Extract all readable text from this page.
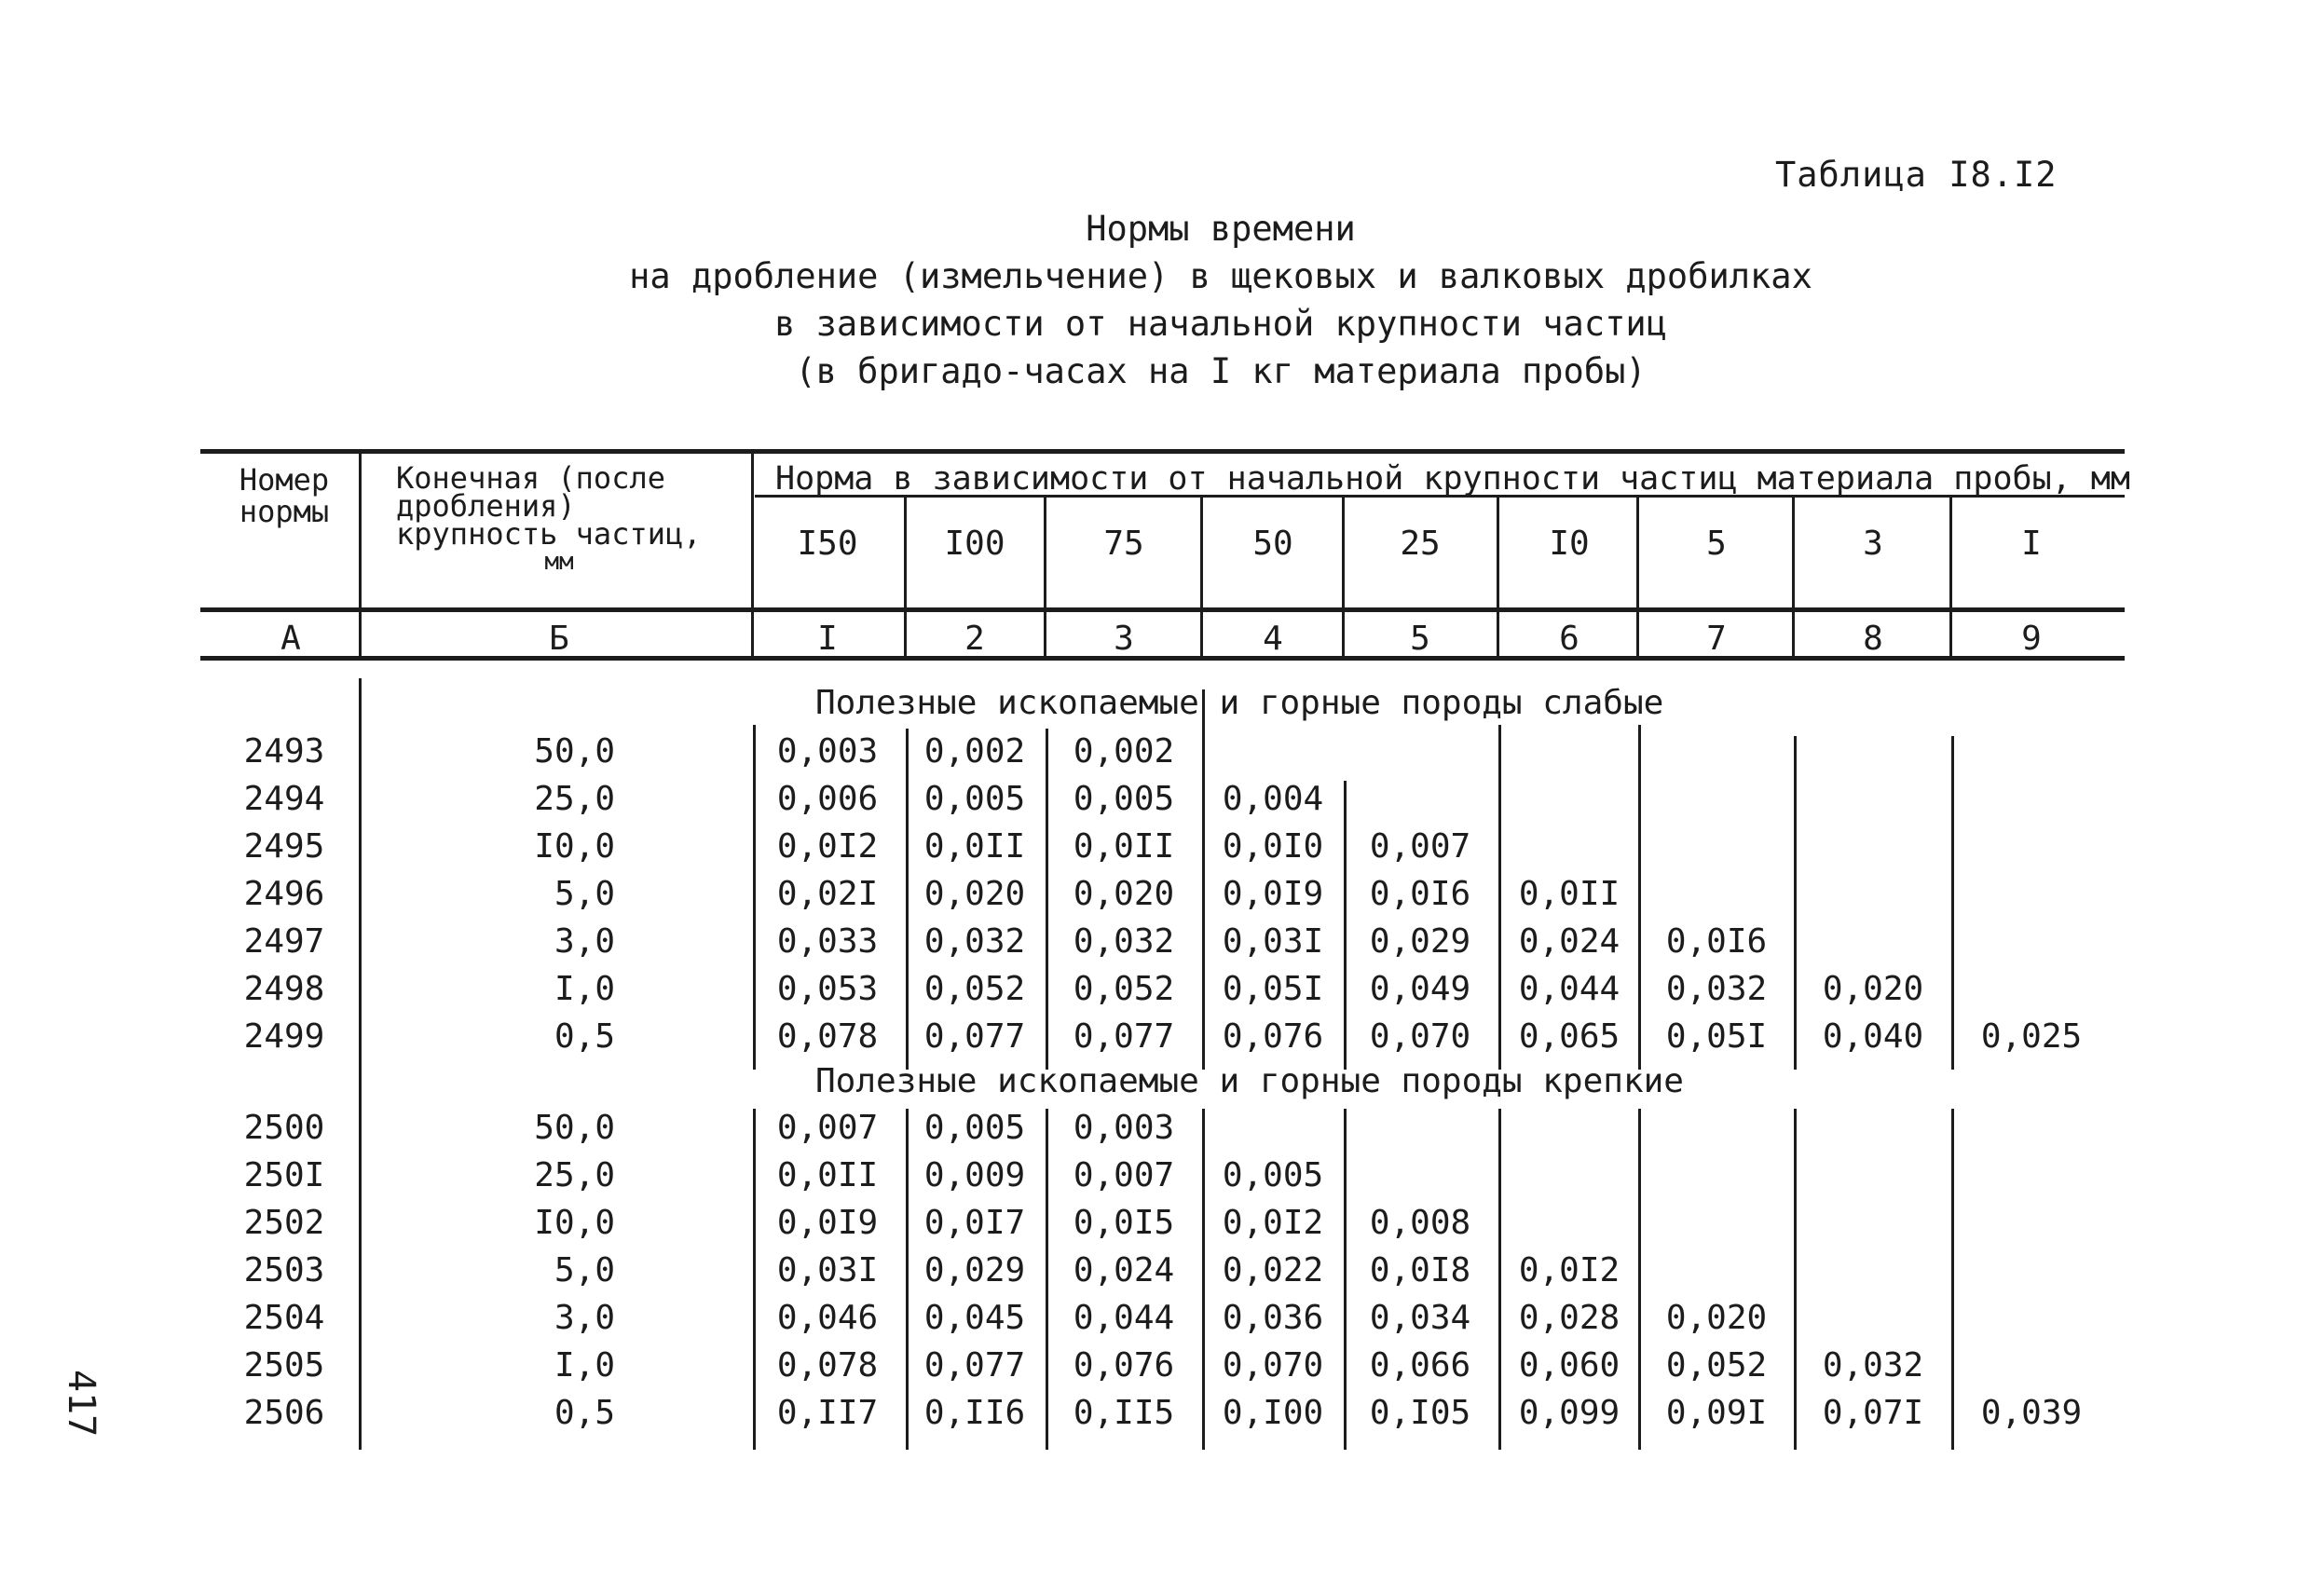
Таблица I8.I2
Нормы времени
на дробление (измельчение) в щековых и валковых дробилках
в зависимости от начальной крупности частиц
(в бригадо-часах на I кг материала пробы)
417
Номер
нормы
Конечная (после
дробления)
крупность частиц,
мм
Норма в зависимости от начальной крупности частиц материала пробы, мм
I50	I00	75	50	25	I0	5	3	I
А	Б	I	2	3	4	5	6	7	8	9
Полезные ископаемые и горные породы слабые
Полезные ископаемые и горные породы крепкие
2493	50,0	0,003	0,002	0,002
2494	25,0	0,006	0,005	0,005	0,004
2495	I0,0	0,0I2	0,0II	0,0II	0,0I0	0,007
2496	5,0	0,02I	0,020	0,020	0,0I9	0,0I6	0,0II
2497	3,0	0,033	0,032	0,032	0,03I	0,029	0,024	0,0I6
2498	I,0	0,053	0,052	0,052	0,05I	0,049	0,044	0,032	0,020
2499	0,5	0,078	0,077	0,077	0,076	0,070	0,065	0,05I	0,040	0,025
2500	50,0	0,007	0,005	0,003
250I	25,0	0,0II	0,009	0,007	0,005
2502	I0,0	0,0I9	0,0I7	0,0I5	0,0I2	0,008
2503	5,0	0,03I	0,029	0,024	0,022	0,0I8	0,0I2
2504	3,0	0,046	0,045	0,044	0,036	0,034	0,028	0,020
2505	I,0	0,078	0,077	0,076	0,070	0,066	0,060	0,052	0,032
2506	0,5	0,II7	0,II6	0,II5	0,I00	0,I05	0,099	0,09I	0,07I	0,039
